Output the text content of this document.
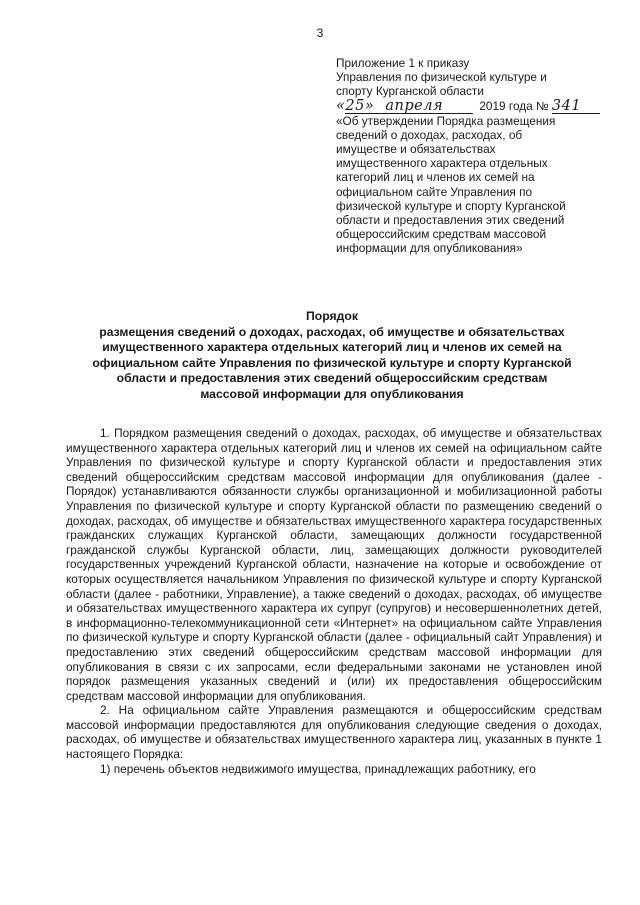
3
Приложение 1 к приказу
Управления по физической культуре и
спорту Курганской области
«25» апреля	2019 года № 341
«Об утверждении Порядка размещения
сведений о доходах, расходах, об
имуществе и обязательствах
имущественного характера отдельных
категорий лиц и членов их семей на
официальном сайте Управления по
физической культуре и спорту Курганской
области и предоставления этих сведений
общероссийским средствам массовой
информации для опубликования»
Порядок
размещения сведений о доходах, расходах, об имуществе и обязательствах
имущественного характера отдельных категорий лиц и членов их семей на
официальном сайте Управления по физической культуре и спорту Курганской
области и предоставления этих сведений общероссийским средствам
массовой информации для опубликования

1. Порядком размещения сведений о доходах, расходах, об имуществе и обязательствах имущественного характера отдельных категорий лиц и членов их семей на официальном сайте Управления по физической культуре и спорту Курганской области и предоставления этих сведений общероссийским средствам массовой информации для опубликования (далее - Порядок) устанавливаются обязанности службы организационной и мобилизационной работы Управления по физической культуре и спорту Курганской области по размещению сведений о доходах, расходах, об имуществе и обязательствах имущественного характера государственных гражданских служащих Курганской области, замещающих должности государственной гражданской службы Курганской области, лиц, замещающих должности руководителей государственных учреждений Курганской области, назначение на которые и освобождение от которых осуществляется начальником Управления по физической культуре и спорту Курганской области (далее - работники, Управление), а также сведений о доходах, расходах, об имуществе и обязательствах имущественного характера их супруг (супругов) и несовершеннолетних детей, в информационно-телекоммуникационной сети «Интернет» на официальном сайте Управления по физической культуре и спорту Курганской области (далее - официальный сайт Управления) и предоставлению этих сведений общероссийским средствам массовой информации для опубликования в связи с их запросами, если федеральными законами не установлен иной порядок размещения указанных сведений и (или) их предоставления общероссийским средствам массовой информации для опубликования.

2. На официальном сайте Управления размещаются и общероссийским средствам массовой информации предоставляются для опубликования следующие сведения о доходах, расходах, об имуществе и обязательствах имущественного характера лиц, указанных в пункте 1 настоящего Порядка:

1) перечень объектов недвижимого имущества, принадлежащих работнику, его
